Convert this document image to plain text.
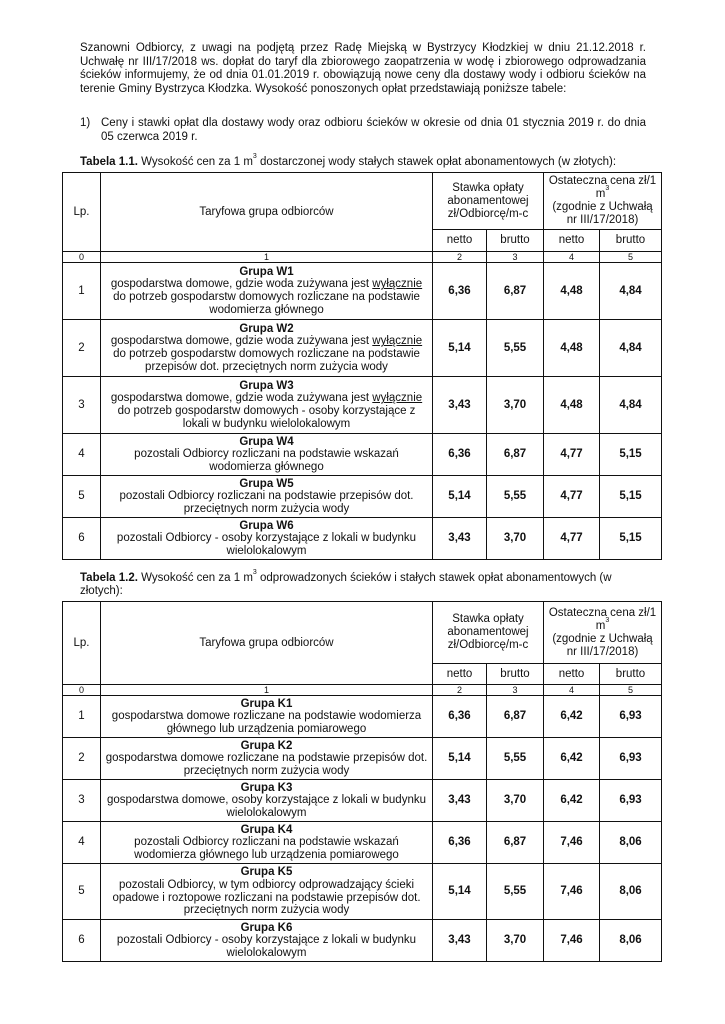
Szanowni Odbiorcy, z uwagi na podjętą przez Radę Miejską w Bystrzycy Kłodzkiej w dniu 21.12.2018 r. Uchwałę nr III/17/2018 ws. dopłat do taryf dla zbiorowego zaopatrzenia w wodę i zbiorowego odprowadzania ścieków informujemy, że od dnia 01.01.2019 r. obowiązują nowe ceny dla dostawy wody i odbioru ścieków na terenie Gminy Bystrzyca Kłodzka. Wysokość ponoszonych opłat przedstawiają poniższe tabele:
1) Ceny i stawki opłat dla dostawy wody oraz odbioru ścieków w okresie od dnia 01 stycznia 2019 r. do dnia 05 czerwca 2019 r.
Tabela 1.1. Wysokość cen za 1 $m^3$ dostarczonej wody stałych stawek opłat abonamentowych (w złotych):
Lp.	Taryfowa grupa odbiorców	Stawka opłaty abonamentowej zł/Odbiorcę/m-c		Ostateczna cena zł/1 $m^3$
(zgodnie z Uchwałą nr III/17/2018)	
		netto	brutto	netto	brutto
0	1	2	3	4	5
1	Grupa W1
gospodarstwa domowe, gdzie woda zużywana jest wyłącznie do potrzeb gospodarstw domowych rozliczane na podstawie wodomierza głównego	6,36	6,87	4,48	4,84
2	Grupa W2
gospodarstwa domowe, gdzie woda zużywana jest wyłącznie do potrzeb gospodarstw domowych rozliczane na podstawie przepisów dot. przeciętnych norm zużycia wody	5,14	5,55	4,48	4,84
3	Grupa W3
gospodarstwa domowe, gdzie woda zużywana jest wyłącznie do potrzeb gospodarstw domowych - osoby korzystające z lokali w budynku wielolokalowym	3,43	3,70	4,48	4,84
4	Grupa W4
pozostali Odbiorcy rozliczani na podstawie wskazań wodomierza głównego	6,36	6,87	4,77	5,15
5	Grupa W5
pozostali Odbiorcy rozliczani na podstawie przepisów dot. przeciętnych norm zużycia wody	5,14	5,55	4,77	5,15
6	Grupa W6
pozostali Odbiorcy - osoby korzystające z lokali w budynku wielolokalowym	3,43	3,70	4,77	5,15
Tabela 1.2. Wysokość cen za 1 $m^3$ odprowadzonych ścieków i stałych stawek opłat abonamentowych (w złotych):
Lp.	Taryfowa grupa odbiorców	Stawka opłaty abonamentowej zł/Odbiorcę/m-c		Ostateczna cena zł/1 $m^3$
(zgodnie z Uchwałą nr III/17/2018)	
		netto	brutto	netto	brutto
0	1	2	3	4	5
1	Grupa K1
gospodarstwa domowe rozliczane na podstawie wodomierza głównego lub urządzenia pomiarowego	6,36	6,87	6,42	6,93
2	Grupa K2
gospodarstwa domowe rozliczane na podstawie przepisów dot. przeciętnych norm zużycia wody	5,14	5,55	6,42	6,93
3	Grupa K3
gospodarstwa domowe, osoby korzystające z lokali w budynku wielolokalowym	3,43	3,70	6,42	6,93
4	Grupa K4
pozostali Odbiorcy rozliczani na podstawie wskazań wodomierza głównego lub urządzenia pomiarowego	6,36	6,87	7,46	8,06
5	Grupa K5
pozostali Odbiorcy, w tym odbiorcy odprowadzający ścieki opadowe i roztopowe rozliczani na podstawie przepisów dot. przeciętnych norm zużycia wody	5,14	5,55	7,46	8,06
6	Grupa K6
pozostali Odbiorcy - osoby korzystające z lokali w budynku wielolokalowym	3,43	3,70	7,46	8,06
